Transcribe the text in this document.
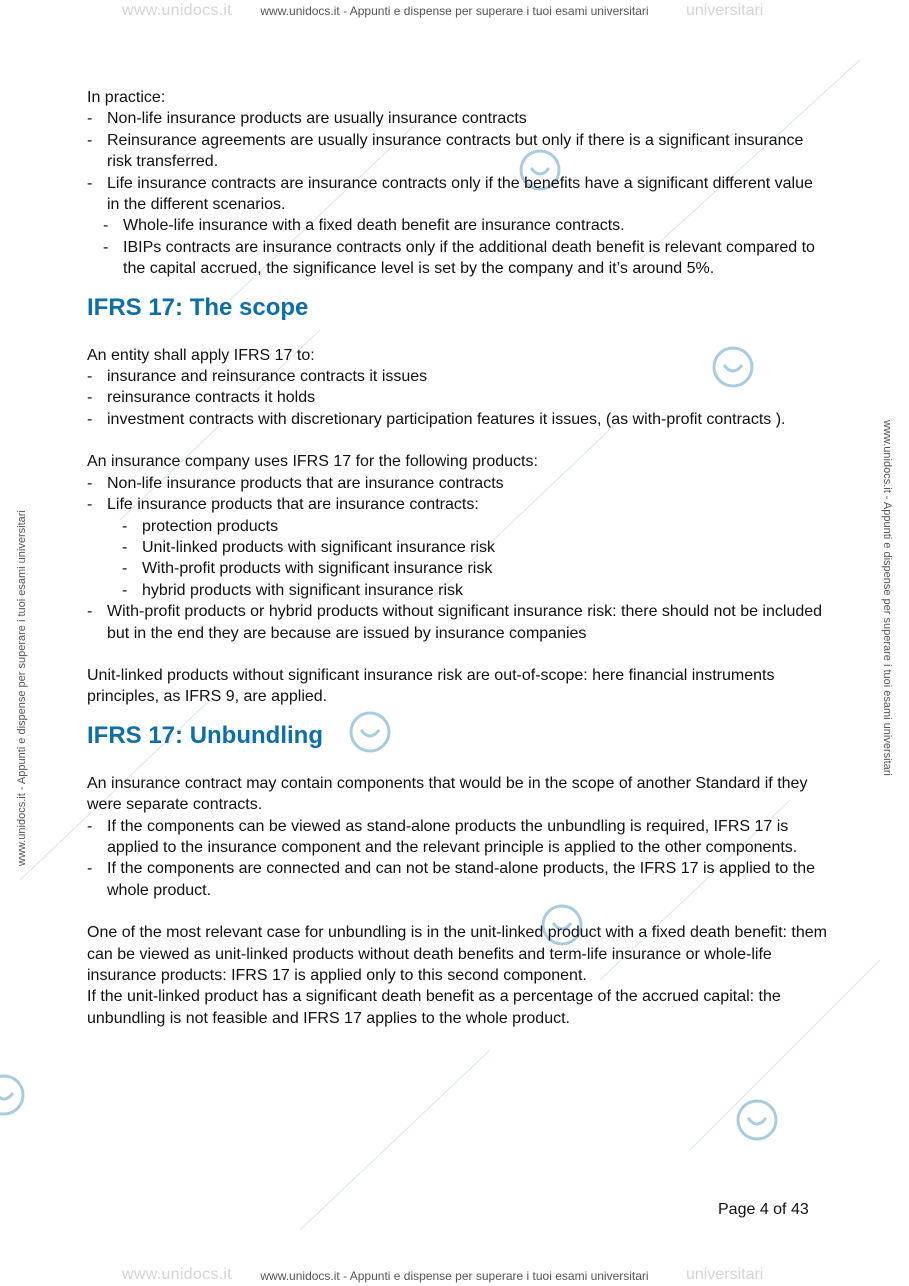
www.unidocs.it	universitari
www.unidocs.it - Appunti e dispense per superare i tuoi esami universitari
www.unidocs.it - Appunti e dispense per superare i tuoi esami universitari	www.unidocs.it - Appunti e dispense per superare i tuoi esami universitari

In practice:

- Non-life insurance products are usually insurance contracts
- Reinsurance agreements are usually insurance contracts but only if there is a significant insurance risk transferred.
- Life insurance contracts are insurance contracts only if the benefits have a significant different value in the different scenarios.
- Whole-life insurance with a fixed death benefit are insurance contracts.
- IBIPs contracts are insurance contracts only if the additional death benefit is relevant compared to the capital accrued, the significance level is set by the company and it’s around 5%.
IFRS 17: The scope

An entity shall apply IFRS 17 to:

- insurance and reinsurance contracts it issues
- reinsurance contracts it holds
- investment contracts with discretionary participation features it issues, (as with-profit contracts ).

An insurance company uses IFRS 17 for the following products:

- Non-life insurance products that are insurance contracts
- Life insurance products that are insurance contracts:
- protection products
- Unit-linked products with significant insurance risk
- With-profit products with significant insurance risk
- hybrid products with significant insurance risk
- With-profit products or hybrid products without significant insurance risk: there should not be included but in the end they are because are issued by insurance companies

Unit-linked products without significant insurance risk are out-of-scope: here financial instruments principles, as IFRS 9, are applied.

IFRS 17: Unbundling

An insurance contract may contain components that would be in the scope of another Standard if they were separate contracts.

- If the components can be viewed as stand-alone products the unbundling is required, IFRS 17 is applied to the insurance component and the relevant principle is applied to the other components.
- If the components are connected and can not be stand-alone products, the IFRS 17 is applied to the whole product.

One of the most relevant case for unbundling is in the unit-linked product with a fixed death benefit: them can be viewed as unit-linked products without death benefits and term-life insurance or whole-life insurance products: IFRS 17 is applied only to this second component.

If the unit-linked product has a significant death benefit as a percentage of the accrued capital: the unbundling is not feasible and IFRS 17 applies to the whole product.

Page 4 of 43
www.unidocs.it	universitari
www.unidocs.it - Appunti e dispense per superare i tuoi esami universitari
